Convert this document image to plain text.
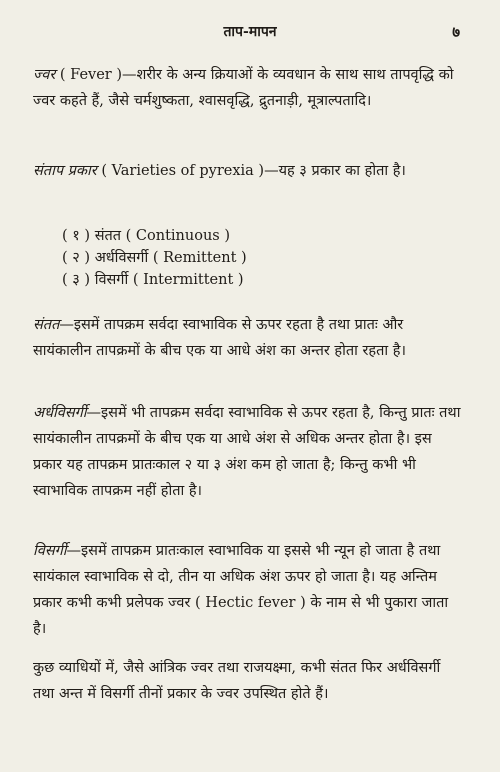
ताप-मापन	७

ज्वर ( Fever )—शरीर के अन्य क्रियाओं के व्यवधान के साथ साथ तापवृद्धि को ज्वर कहते हैं, जैसे चर्मशुष्कता, श्वासवृद्धि, द्रुतनाड़ी, मूत्राल्पतादि।

संताप प्रकार ( Varieties of pyrexia )—यह ३ प्रकार का होता है।

( १ ) संतत ( Continuous )

( २ ) अर्धविसर्गी ( Remittent )

( ३ ) विसर्गी ( Intermittent )

संतत—इसमें तापक्रम सर्वदा स्वाभाविक से ऊपर रहता है तथा प्रातः और सायंकालीन तापक्रमों के बीच एक या आधे अंश का अन्तर होता रहता है।

अर्धविसर्गी—इसमें भी तापक्रम सर्वदा स्वाभाविक से ऊपर रहता है, किन्तु प्रातः तथा सायंकालीन तापक्रमों के बीच एक या आधे अंश से अधिक अन्तर होता है। इस प्रकार यह तापक्रम प्रातःकाल २ या ३ अंश कम हो जाता है; किन्तु कभी भी स्वाभाविक तापक्रम नहीं होता है।

विसर्गी—इसमें तापक्रम प्रातःकाल स्वाभाविक या इससे भी न्यून हो जाता है तथा सायंकाल स्वाभाविक से दो, तीन या अधिक अंश ऊपर हो जाता है। यह अन्तिम प्रकार कभी कभी प्रलेपक ज्वर ( Hectic fever ) के नाम से भी पुकारा जाता है।

कुछ व्याधियों में, जैसे आंत्रिक ज्वर तथा राजयक्ष्मा, कभी संतत फिर अर्धविसर्गी तथा अन्त में विसर्गी तीनों प्रकार के ज्वर उपस्थित होते हैं।
